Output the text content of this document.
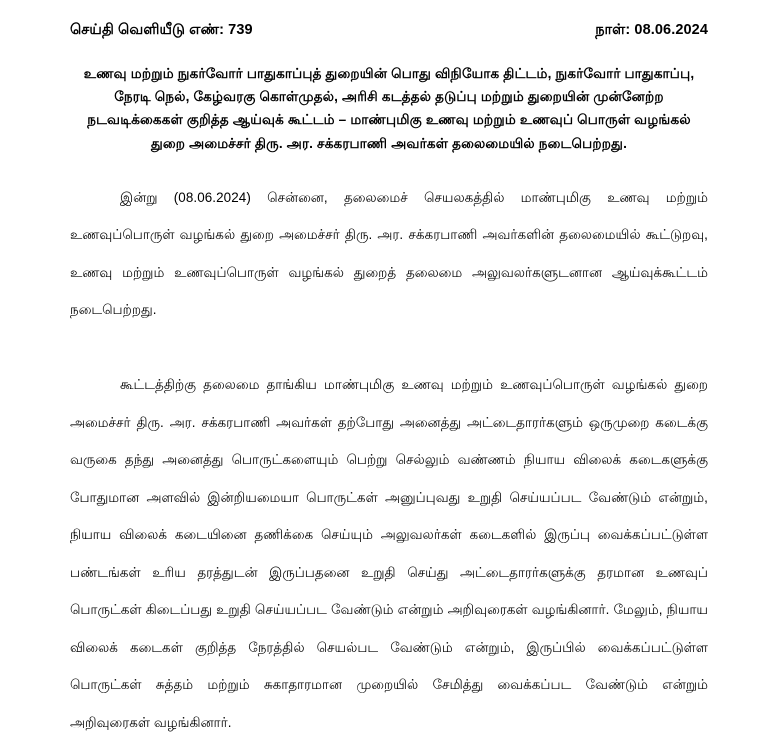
செய்தி வெளியீடு எண்: 739	நாள்: 08.06.2024
உணவு மற்றும் நுகர்வோர் பாதுகாப்புத் துறையின் பொது விநியோக திட்டம், நுகர்வோர் பாதுகாப்பு,
நேரடி நெல், கேழ்வரகு கொள்முதல், அரிசி கடத்தல் தடுப்பு மற்றும் துறையின் முன்னேற்ற
நடவடிக்கைகள் குறித்த ஆய்வுக் கூட்டம் – மாண்புமிகு உணவு மற்றும் உணவுப் பொருள் வழங்கல்
துறை அமைச்சர் திரு. அர. சக்கரபாணி அவர்கள் தலைமையில் நடைபெற்றது.

இன்று (08.06.2024) சென்னை, தலைமைச் செயலகத்தில் மாண்புமிகு உணவு மற்றும் உணவுப்பொருள் வழங்கல் துறை அமைச்சர் திரு. அர. சக்கரபாணி அவர்களின் தலைமையில் கூட்டுறவு, உணவு மற்றும் உணவுப்பொருள் வழங்கல் துறைத் தலைமை அலுவலர்களுடனான ஆய்வுக்கூட்டம் நடைபெற்றது.

கூட்டத்திற்கு தலைமை தாங்கிய மாண்புமிகு உணவு மற்றும் உணவுப்பொருள் வழங்கல் துறை அமைச்சர் திரு. அர. சக்கரபாணி அவர்கள் தற்போது அனைத்து அட்டைதாரர்களும் ஒருமுறை கடைக்கு வருகை தந்து அனைத்து பொருட்களையும் பெற்று செல்லும் வண்ணம் நியாய விலைக் கடைகளுக்கு போதுமான அளவில் இன்றியமையா பொருட்கள் அனுப்புவது உறுதி செய்யப்பட வேண்டும் என்றும், நியாய விலைக் கடையினை தணிக்கை செய்யும் அலுவலர்கள் கடைகளில் இருப்பு வைக்கப்பட்டுள்ள பண்டங்கள் உரிய தரத்துடன் இருப்பதனை உறுதி செய்து அட்டைதாரர்களுக்கு தரமான உணவுப் பொருட்கள் கிடைப்பது உறுதி செய்யப்பட வேண்டும் என்றும் அறிவுரைகள் வழங்கினார். மேலும், நியாய விலைக் கடைகள் குறித்த நேரத்தில் செயல்பட வேண்டும் என்றும், இருப்பில் வைக்கப்பட்டுள்ள பொருட்கள் சுத்தம் மற்றும் சுகாதாரமான முறையில் சேமித்து வைக்கப்பட வேண்டும் என்றும் அறிவுரைகள் வழங்கினார்.
